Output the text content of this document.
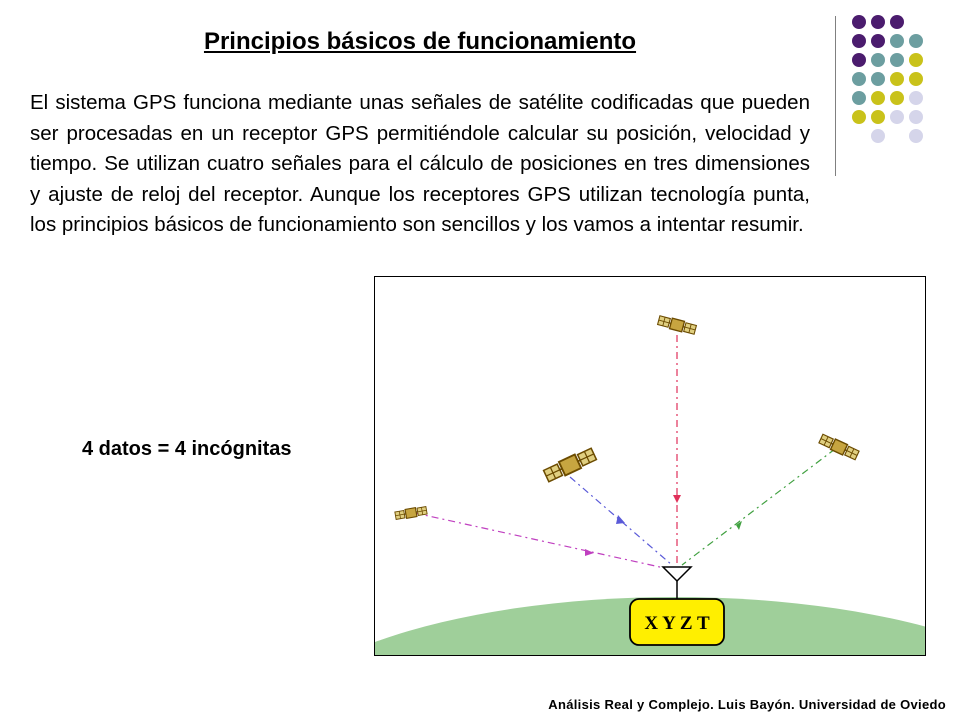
Principios básicos de funcionamiento
El sistema GPS funciona mediante unas señales de satélite codificadas que pueden ser procesadas en un receptor GPS permitiéndole calcular su posición, velocidad y tiempo. Se utilizan cuatro señales para el cálculo de posiciones en tres dimensiones y ajuste de reloj del receptor. Aunque los receptores GPS utilizan tecnología punta, los principios básicos de funcionamiento son sencillos y los vamos a intentar resumir.
4 datos = 4 incógnitas
X Y Z T
Análisis Real y Complejo. Luis Bayón. Universidad de Oviedo
